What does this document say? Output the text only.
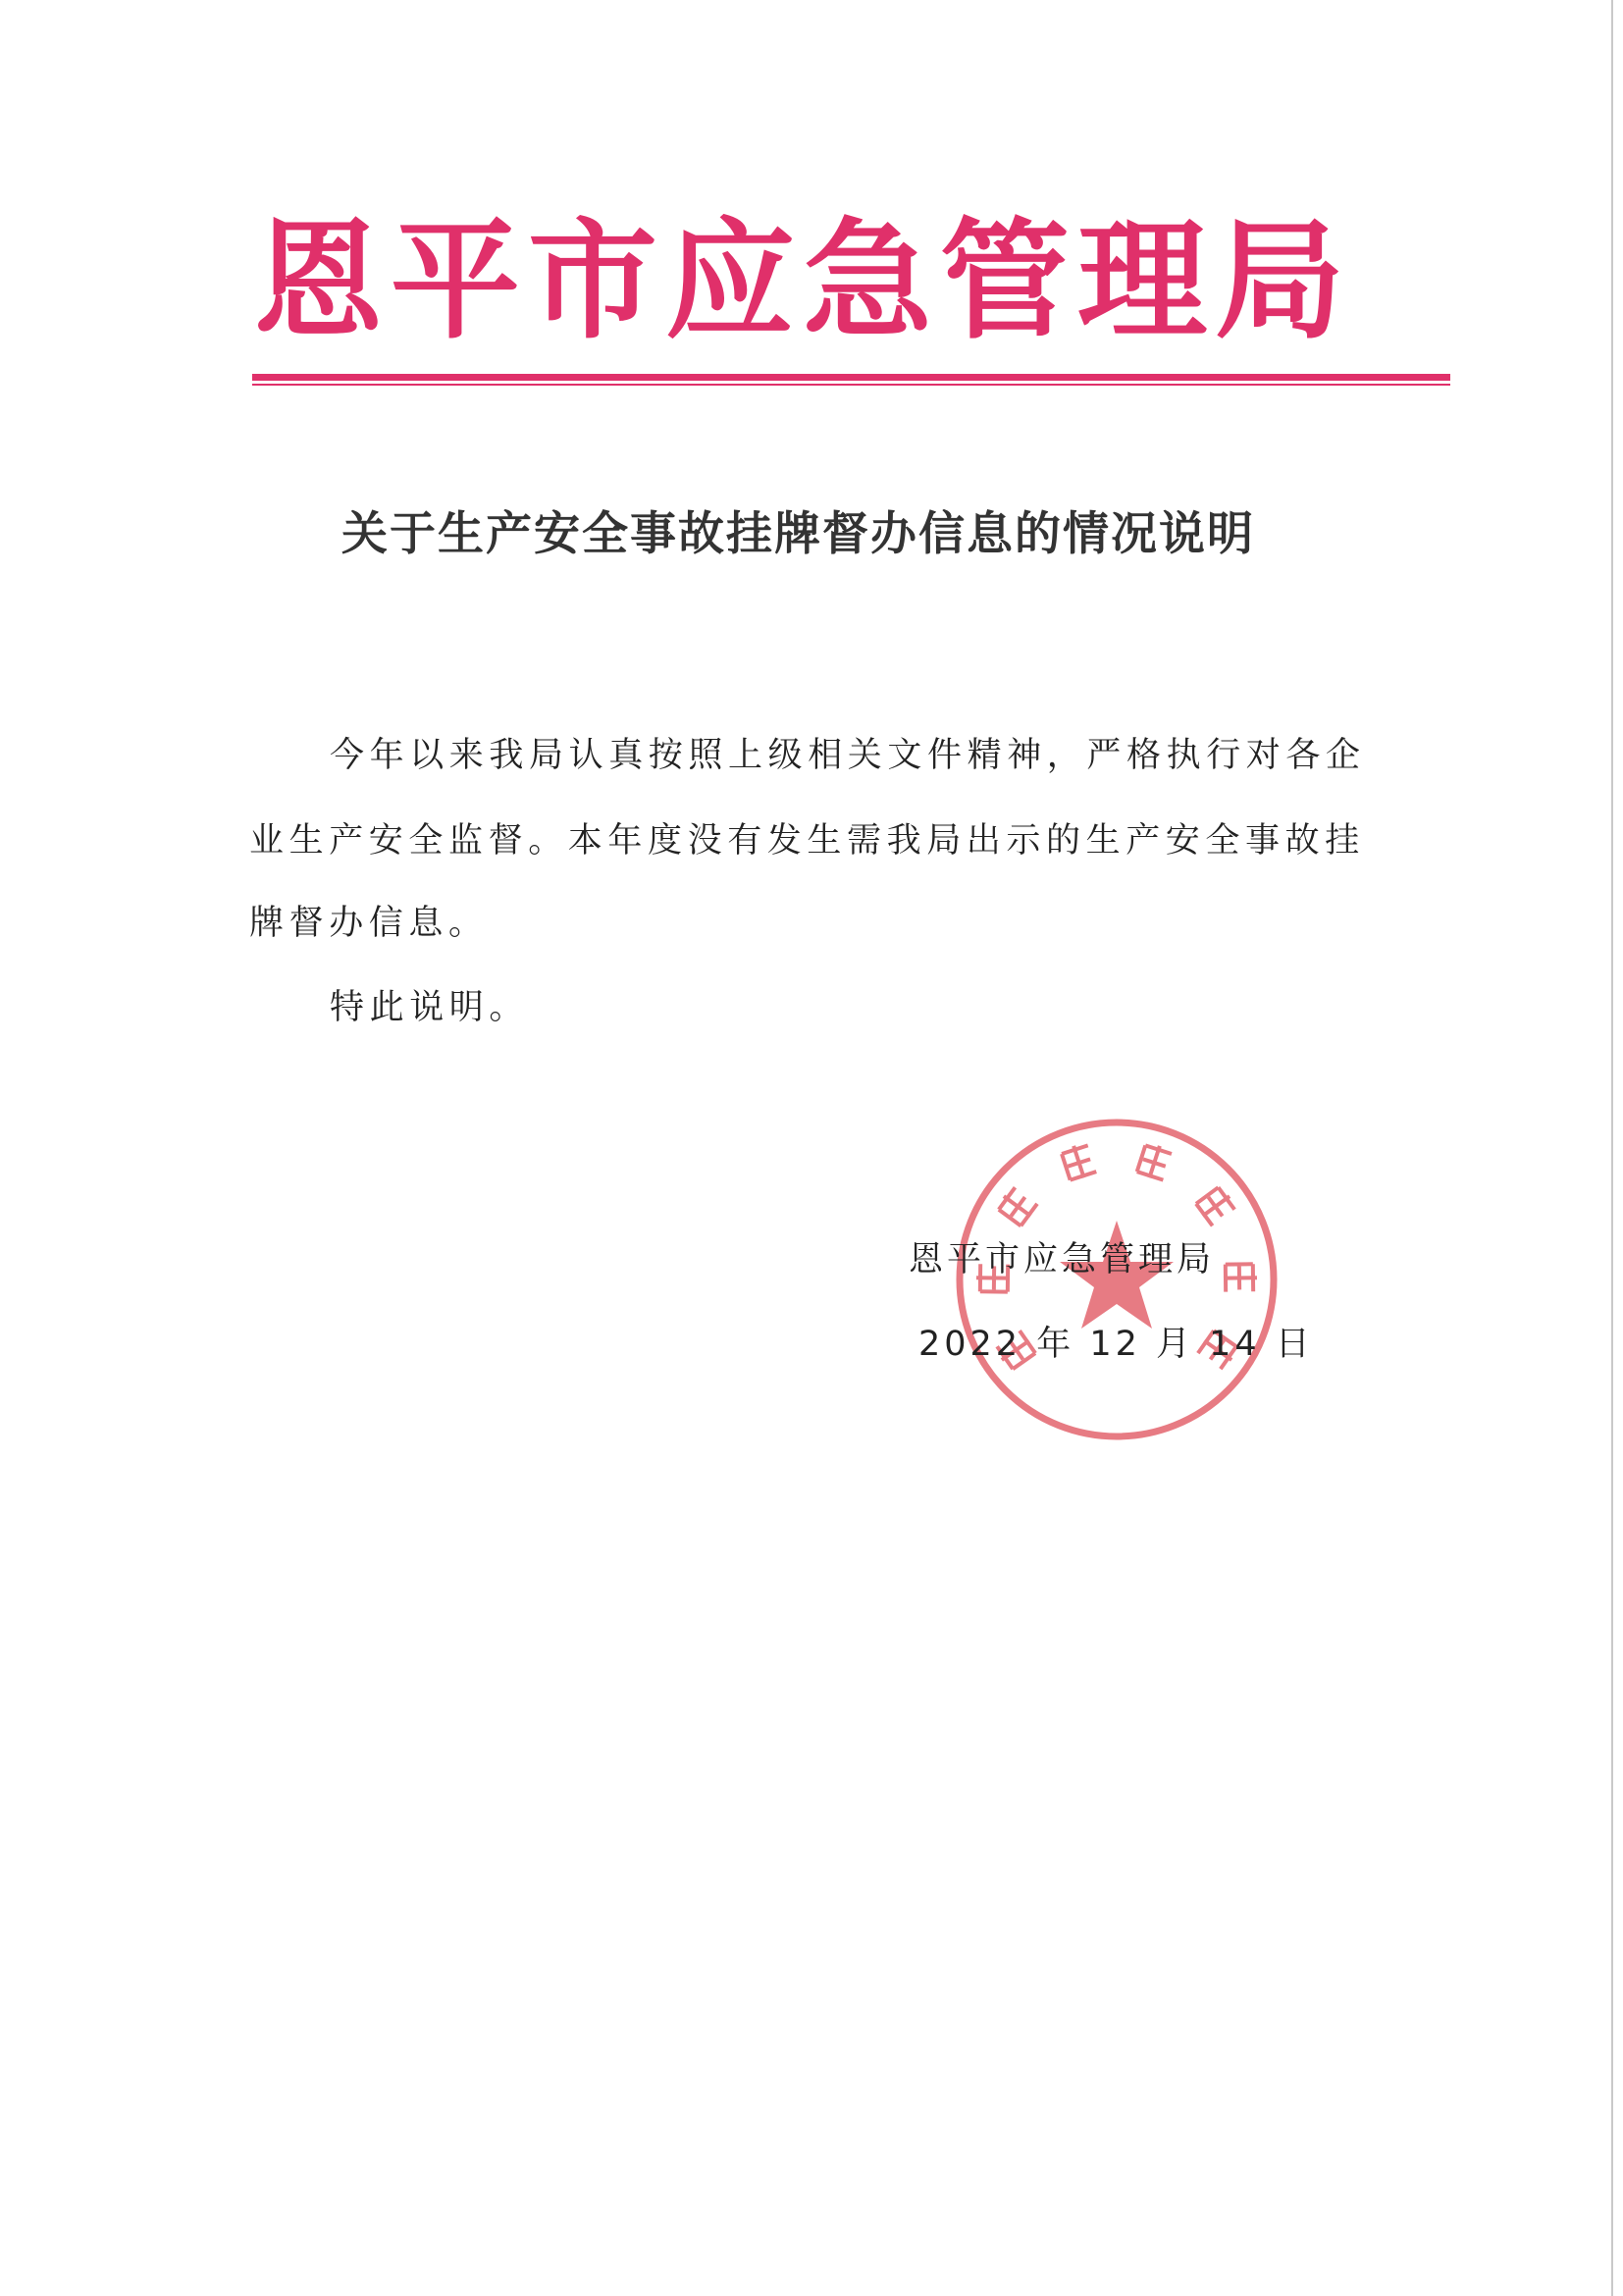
恩平市应急管理局
关于生产安全事故挂牌督办信息的情况说明
今年以来我局认真按照上级相关文件精神，严格执行对各企
业生产安全监督。本年度没有发生需我局出示的生产安全事故挂
牌督办信息。
特此说明。
恩平市应急管理局
2022 年 12 月 14 日
